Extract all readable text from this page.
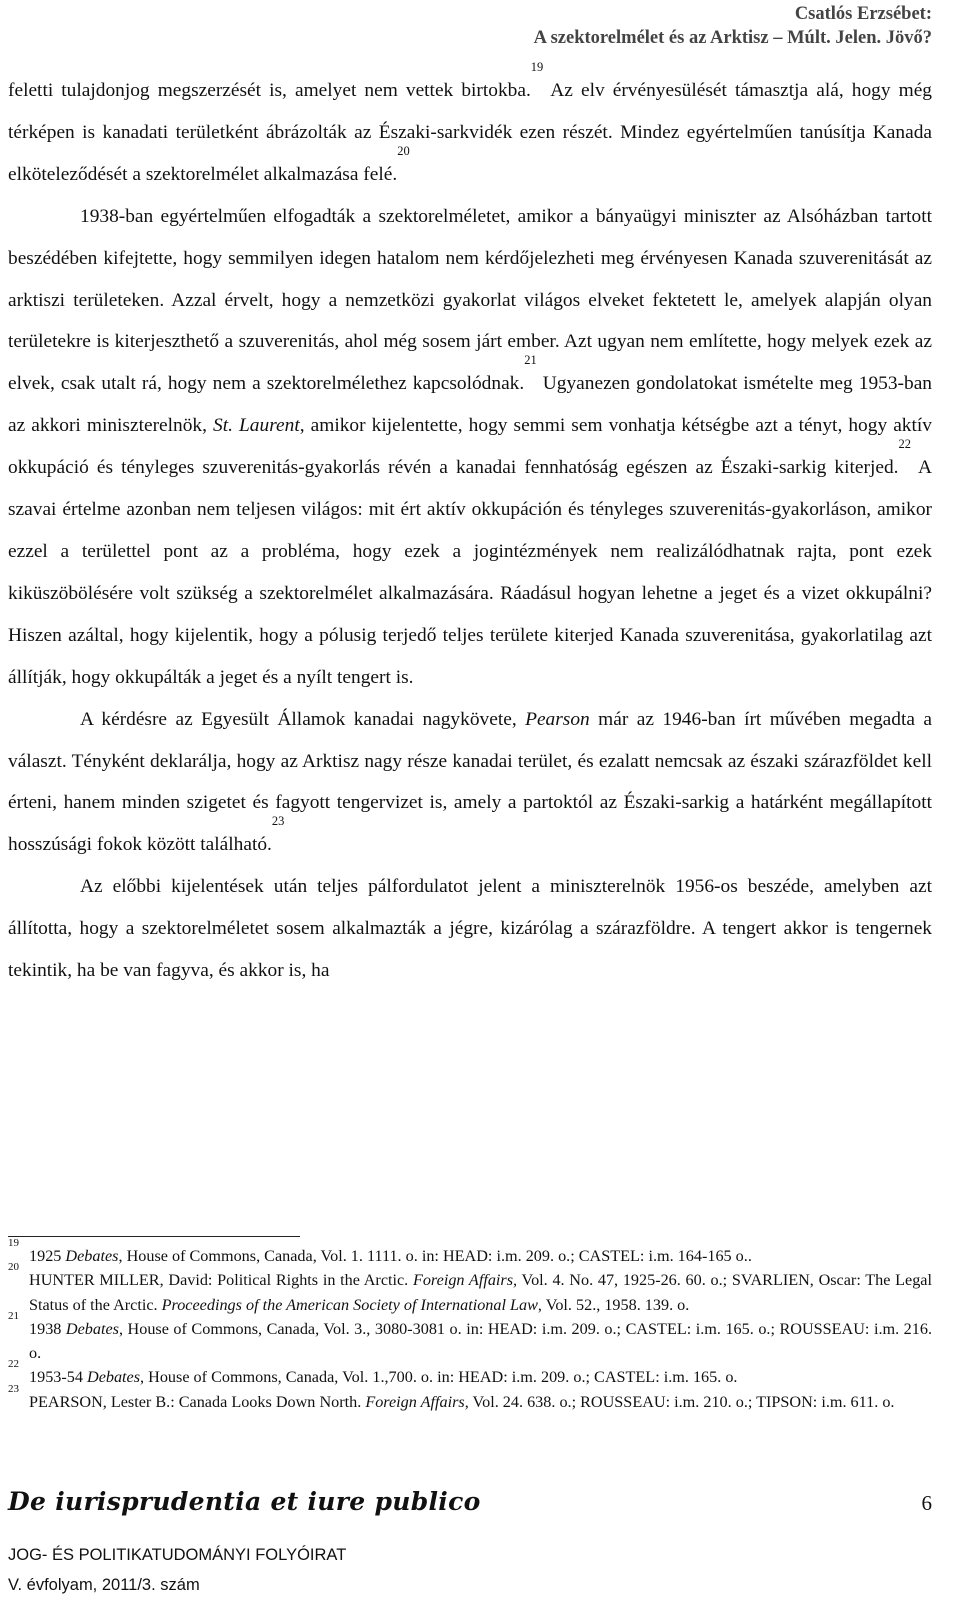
Csatlós Erzsébet:
A szektorelmélet és az Arktisz – Múlt. Jelen. Jövő?

feletti tulajdonjog megszerzését is, amelyet nem vettek birtokba.$^{19}$ Az elv érvényesülését támasztja alá, hogy még térképen is kanadati területként ábrázolták az Északi-sarkvidék ezen részét. Mindez egyértelműen tanúsítja Kanada elköteleződését a szektorelmélet alkalmazása felé.$^{20}$

1938-ban egyértelműen elfogadták a szektorelméletet, amikor a bányaügyi miniszter az Alsóházban tartott beszédében kifejtette, hogy semmilyen idegen hatalom nem kérdőjelezheti meg érvényesen Kanada szuverenitását az arktiszi területeken. Azzal érvelt, hogy a nemzetközi gyakorlat világos elveket fektetett le, amelyek alapján olyan területekre is kiterjeszthető a szuverenitás, ahol még sosem járt ember. Azt ugyan nem említette, hogy melyek ezek az elvek, csak utalt rá, hogy nem a szektorelmélethez kapcsolódnak.$^{21}$ Ugyanezen gondolatokat ismételte meg 1953-ban az akkori miniszterelnök, St. Laurent, amikor kijelentette, hogy semmi sem vonhatja kétségbe azt a tényt, hogy aktív okkupáció és tényleges szuverenitás-gyakorlás révén a kanadai fennhatóság egészen az Északi-sarkig kiterjed.$^{22}$ A szavai értelme azonban nem teljesen világos: mit ért aktív okkupáción és tényleges szuverenitás-gyakorláson, amikor ezzel a területtel pont az a probléma, hogy ezek a jogintézmények nem realizálódhatnak rajta, pont ezek kiküszöbölésére volt szükség a szektorelmélet alkalmazására. Ráadásul hogyan lehetne a jeget és a vizet okkupálni? Hiszen azáltal, hogy kijelentik, hogy a pólusig terjedő teljes területe kiterjed Kanada szuverenitása, gyakorlatilag azt állítják, hogy okkupálták a jeget és a nyílt tengert is.

A kérdésre az Egyesült Államok kanadai nagykövete, Pearson már az 1946-ban írt művében megadta a választ. Tényként deklarálja, hogy az Arktisz nagy része kanadai terület, és ezalatt nemcsak az északi szárazföldet kell érteni, hanem minden szigetet és fagyott tengervizet is, amely a partoktól az Északi-sarkig a határként megállapított hosszúsági fokok között található.$^{23}$

Az előbbi kijelentések után teljes pálfordulatot jelent a miniszterelnök 1956-os beszéde, amelyben azt állította, hogy a szektorelméletet sosem alkalmazták a jégre, kizárólag a szárazföldre. A tengert akkor is tengernek tekintik, ha be van fagyva, és akkor is, ha

19
1925 Debates, House of Commons, Canada, Vol. 1. 1111. o. in: HEAD: i.m. 209. o.; CASTEL: i.m. 164-165 o..
20
HUNTER MILLER, David: Political Rights in the Arctic. Foreign Affairs, Vol. 4. No. 47, 1925-26. 60. o.; SVARLIEN, Oscar: The Legal Status of the Arctic. Proceedings of the American Society of International Law, Vol. 52., 1958. 139. o.
21
1938 Debates, House of Commons, Canada, Vol. 3., 3080-3081 o. in: HEAD: i.m. 209. o.; CASTEL: i.m. 165. o.; ROUSSEAU: i.m. 216. o.
22
1953-54 Debates, House of Commons, Canada, Vol. 1.,700. o. in: HEAD: i.m. 209. o.; CASTEL: i.m. 165. o.
23
PEARSON, Lester B.: Canada Looks Down North. Foreign Affairs, Vol. 24. 638. o.; ROUSSEAU: i.m. 210. o.; TIPSON: i.m. 611. o.
De iurisprudentia et iure publico	6
JOG- ÉS POLITIKATUDOMÁNYI FOLYÓIRAT
V. évfolyam, 2011/3. szám
